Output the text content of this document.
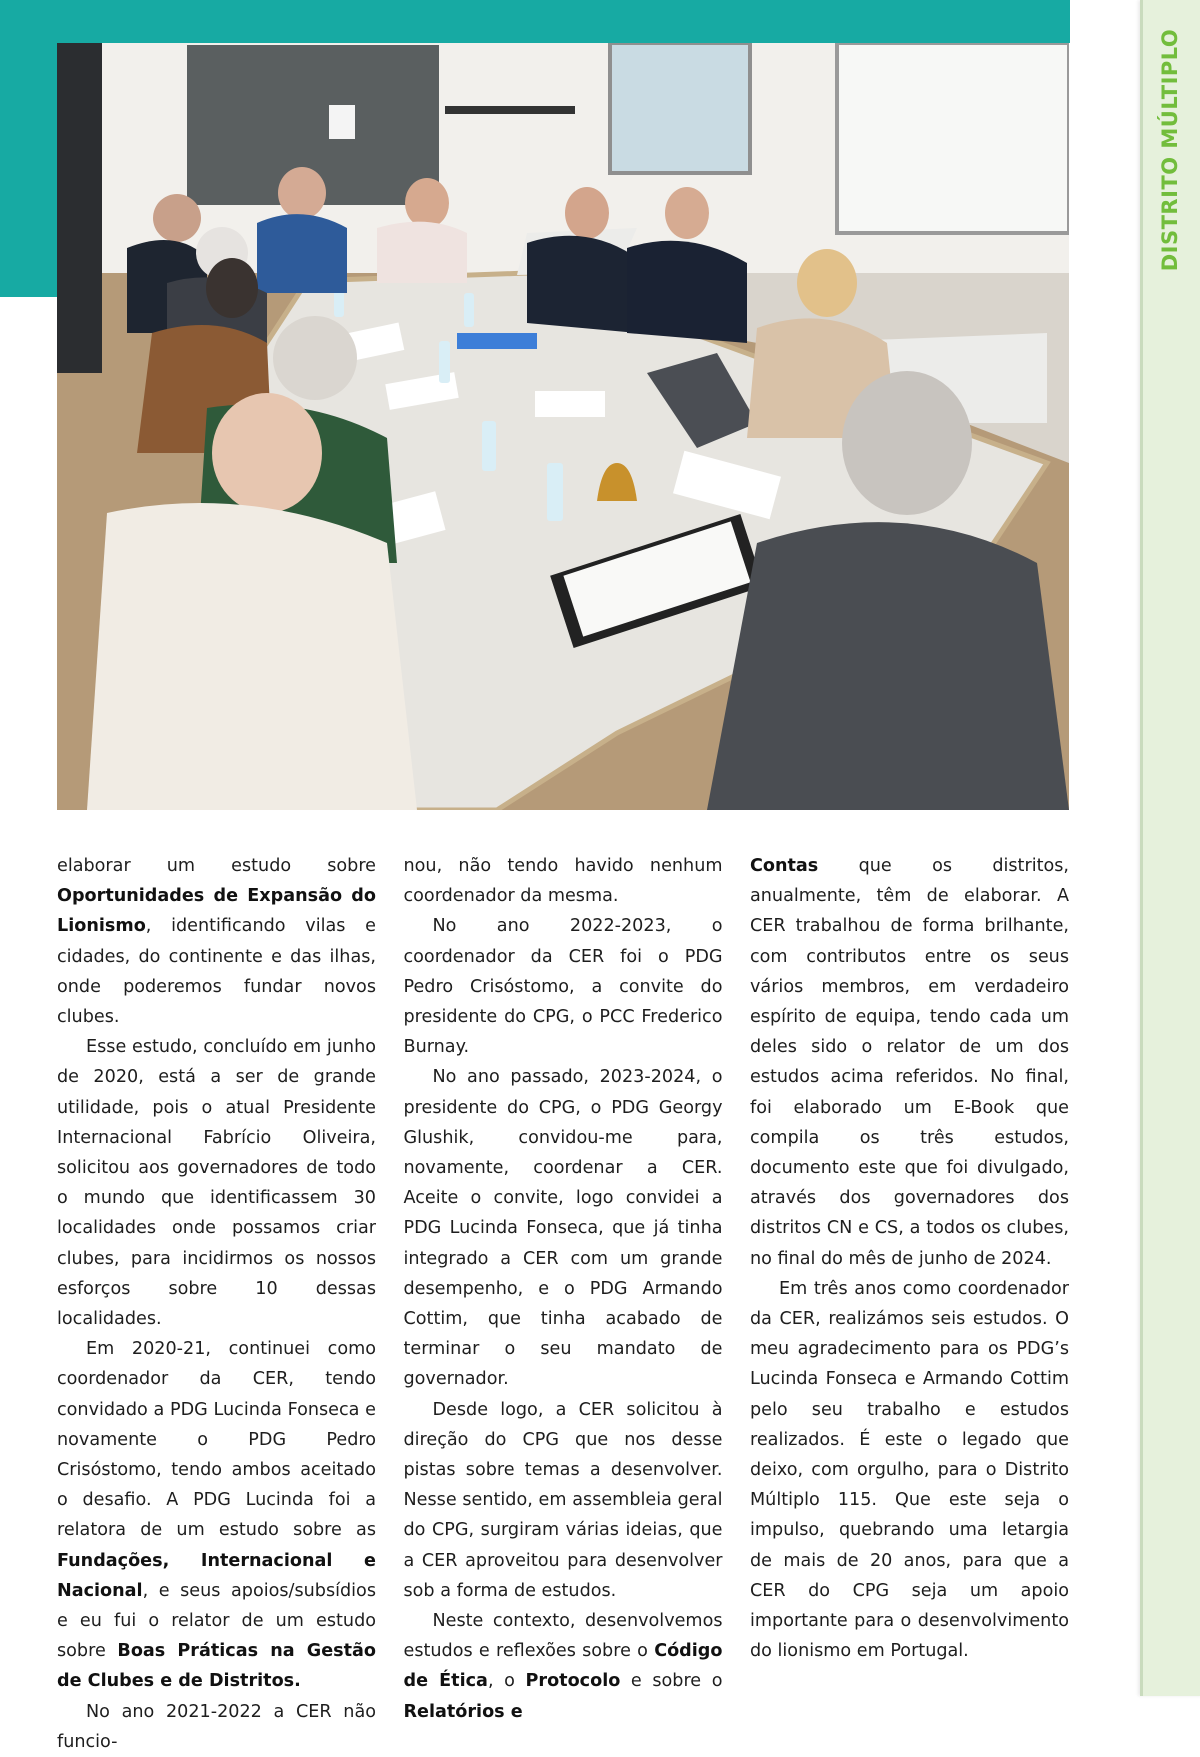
DISTRITO MÚLTIPLO

elaborar um estudo sobre Oportunidades de Expansão do Lionismo, identificando vilas e cidades, do continente e das ilhas, onde poderemos fundar novos clubes.

Esse estudo, concluído em junho de 2020, está a ser de grande utilidade, pois o atual Presidente Internacional Fabrício Oliveira, solicitou aos governadores de todo o mundo que identificassem 30 localidades onde possamos criar clubes, para incidirmos os nossos esforços sobre 10 dessas localidades.

Em 2020-21, continuei como coordenador da CER, tendo convidado a PDG Lucinda Fonseca e novamente o PDG Pedro Crisóstomo, tendo ambos aceitado o desafio. A PDG Lucinda foi a relatora de um estudo sobre as Fundações, Internacional e Nacional, e seus apoios/subsídios e eu fui o relator de um estudo sobre Boas Práticas na Gestão de Clubes e de Distritos.

No ano 2021-2022 a CER não funcio-

nou, não tendo havido nenhum coordenador da mesma.

No ano 2022-2023, o coordenador da CER foi o PDG Pedro Crisóstomo, a convite do presidente do CPG, o PCC Frederico Burnay.

No ano passado, 2023-2024, o presidente do CPG, o PDG Georgy Glushik, convidou-me para, novamente, coordenar a CER. Aceite o convite, logo convidei a PDG Lucinda Fonseca, que já tinha integrado a CER com um grande desempenho, e o PDG Armando Cottim, que tinha acabado de terminar o seu mandato de governador.

Desde logo, a CER solicitou à direção do CPG que nos desse pistas sobre temas a desenvolver. Nesse sentido, em assembleia geral do CPG, surgiram várias ideias, que a CER aproveitou para desenvolver sob a forma de estudos.

Neste contexto, desenvolvemos estudos e reflexões sobre o Código de Ética, o Protocolo e sobre o Relatórios e

Contas que os distritos, anualmente, têm de elaborar. A CER trabalhou de forma brilhante, com contributos entre os seus vários membros, em verdadeiro espírito de equipa, tendo cada um deles sido o relator de um dos estudos acima referidos. No final, foi elaborado um E-Book que compila os três estudos, documento este que foi divulgado, através dos governadores dos distritos CN e CS, a todos os clubes, no final do mês de junho de 2024.

Em três anos como coordenador da CER, realizámos seis estudos. O meu agradecimento para os PDG’s Lucinda Fonseca e Armando Cottim pelo seu trabalho e estudos realizados. É este o legado que deixo, com orgulho, para o Distrito Múltiplo 115. Que este seja o impulso, quebrando uma letargia de mais de 20 anos, para que a CER do CPG seja um apoio importante para o desenvolvimento do lionismo em Portugal.
